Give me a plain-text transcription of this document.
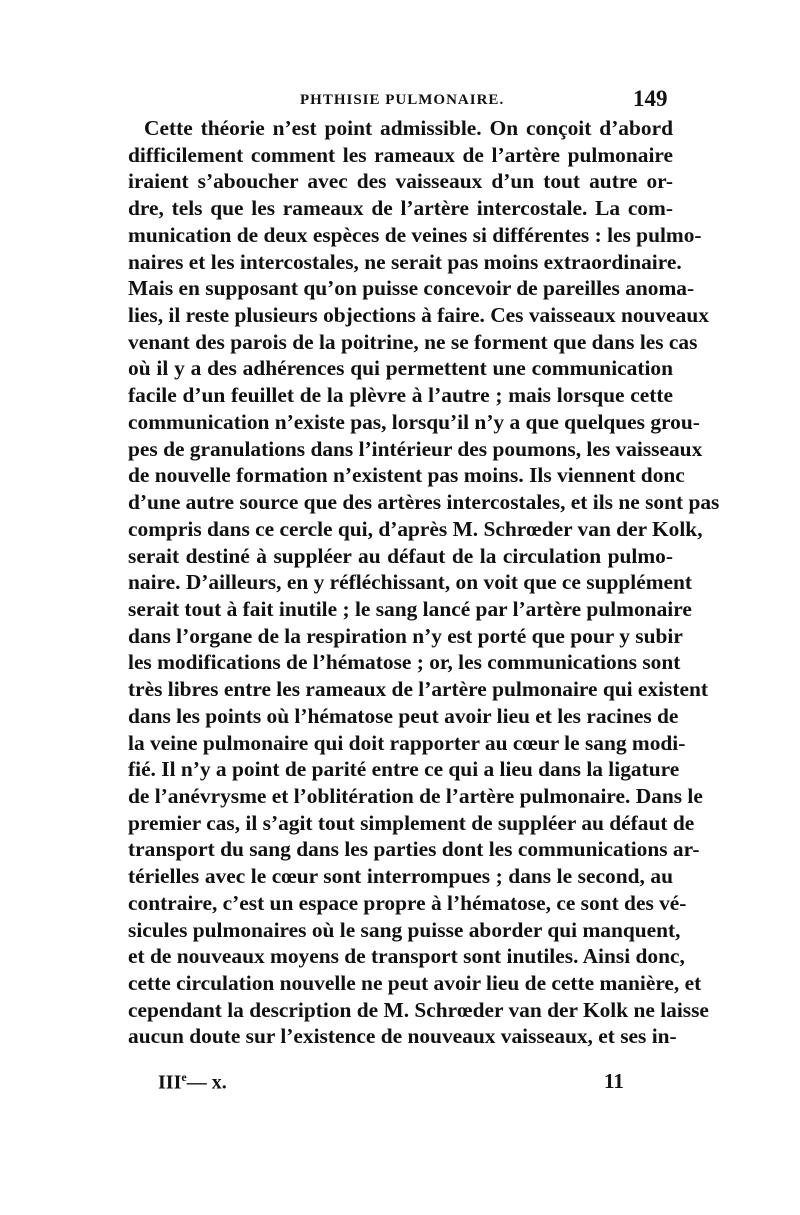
PHTHISIE PULMONAIRE.	149
Cette théorie n’est point admissible. On conçoit d’abord
difficilement comment les rameaux de l’artère pulmonaire
iraient s’aboucher avec des vaisseaux d’un tout autre or-
dre, tels que les rameaux de l’artère intercostale. La com-
munication de deux espèces de veines si différentes : les pulmo-
naires et les intercostales, ne serait pas moins extraordinaire.
Mais en supposant qu’on puisse concevoir de pareilles anoma-
lies, il reste plusieurs objections à faire. Ces vaisseaux nouveaux
venant des parois de la poitrine, ne se forment que dans les cas
où il y a des adhérences qui permettent une communication
facile d’un feuillet de la plèvre à l’autre ; mais lorsque cette
communication n’existe pas, lorsqu’il n’y a que quelques grou-
pes de granulations dans l’intérieur des poumons, les vaisseaux
de nouvelle formation n’existent pas moins. Ils viennent donc
d’une autre source que des artères intercostales, et ils ne sont pas
compris dans ce cercle qui, d’après M. Schrœder van der Kolk,
serait destiné à suppléer au défaut de la circulation pulmo-
naire. D’ailleurs, en y réfléchissant, on voit que ce supplément
serait tout à fait inutile ; le sang lancé par l’artère pulmonaire
dans l’organe de la respiration n’y est porté que pour y subir
les modifications de l’hématose ; or, les communications sont
très libres entre les rameaux de l’artère pulmonaire qui existent
dans les points où l’hématose peut avoir lieu et les racines de
la veine pulmonaire qui doit rapporter au cœur le sang modi-
fié. Il n’y a point de parité entre ce qui a lieu dans la ligature
de l’anévrysme et l’oblitération de l’artère pulmonaire. Dans le
premier cas, il s’agit tout simplement de suppléer au défaut de
transport du sang dans les parties dont les communications ar-
térielles avec le cœur sont interrompues ; dans le second, au
contraire, c’est un espace propre à l’hématose, ce sont des vé-
sicules pulmonaires où le sang puisse aborder qui manquent,
et de nouveaux moyens de transport sont inutiles. Ainsi donc,
cette circulation nouvelle ne peut avoir lieu de cette manière, et
cependant la description de M. Schrœder van der Kolk ne laisse
aucun doute sur l’existence de nouveaux vaisseaux, et ses in-
IIIe— x.	11
